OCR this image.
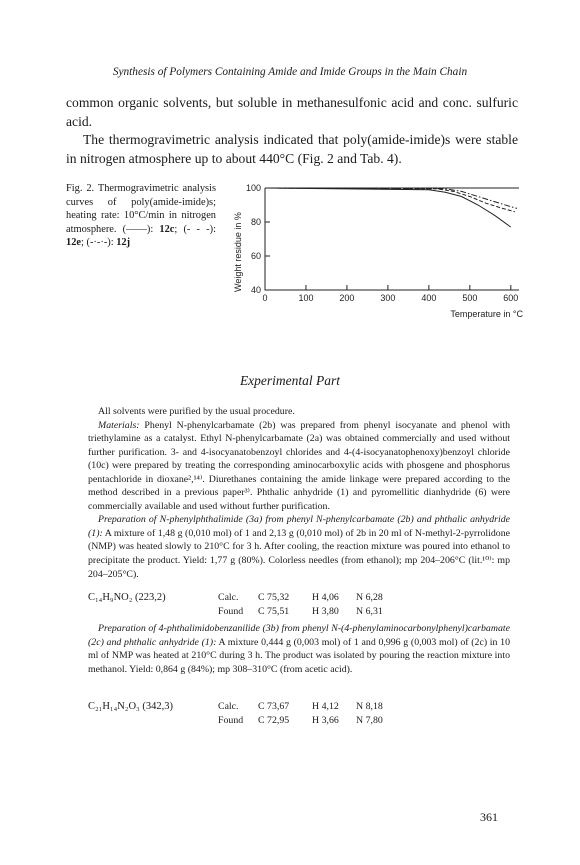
Synthesis of Polymers Containing Amide and Imide Groups in the Main Chain

common organic solvents, but soluble in methanesulfonic acid and conc. sulfuric acid.

The thermogravimetric analysis indicated that poly(amide-imide)s were stable in nitrogen atmosphere up to about 440°C (Fig. 2 and Tab. 4).

Fig. 2. Thermogravimetric analysis curves of poly(amide-imide)s; heating rate: 10°C/min in nitrogen atmosphere. (——): 12c; (- - -): 12e; (-·-·-): 12j	Weight residue in % 40
60
80
100
0	100	200	300	400	500	600
Temperature in °C
Experimental Part

All solvents were purified by the usual procedure.

Materials: Phenyl N-phenylcarbamate (2b) was prepared from phenyl isocyanate and phenol with triethylamine as a catalyst. Ethyl N-phenylcarbamate (2a) was obtained commercially and used without further purification. 3- and 4-isocyanatobenzoyl chlorides and 4-(4-isocyanatophenoxy)benzoyl chloride (10c) were prepared by treating the corresponding aminocarboxylic acids with phosgene and phosphorus pentachloride in dioxane²,¹⁴⁾. Diurethanes containing the amide linkage were prepared according to the method described in a previous paper³⁾. Phthalic anhydride (1) and pyromellitic dianhydride (6) were commercially available and used without further purification.

Preparation of N-phenylphthalimide (3a) from phenyl N-phenylcarbamate (2b) and phthalic anhydride (1): A mixture of 1,48 g (0,010 mol) of 1 and 2,13 g (0,010 mol) of 2b in 20 ml of N-methyl-2-pyrrolidone (NMP) was heated slowly to 210°C for 3 h. After cooling, the reaction mixture was poured into ethanol to precipitate the product. Yield: 1,77 g (80%). Colorless needles (from ethanol); mp 204–206°C (lit.¹⁰⁾: mp 204–205°C).

C₁₄H₉NO₂ (223,2)	Calc.	C 75,32	H 4,06	N 6,28
Found	C 75,51	H 3,80	N 6,31

Preparation of 4-phthalimidobenzanilide (3b) from phenyl N-(4-phenylaminocarbonylphenyl)carbamate (2c) and phthalic anhydride (1): A mixture 0,444 g (0,003 mol) of 1 and 0,996 g (0,003 mol) of (2c) in 10 ml of NMP was heated at 210°C during 3 h. The product was isolated by pouring the reaction mixture into methanol. Yield: 0,864 g (84%); mp 308–310°C (from acetic acid).

C₂₁H₁₄N₂O₃ (342,3)	Calc.	C 73,67	H 4,12	N 8,18
Found	C 72,95	H 3,66	N 7,80
361
